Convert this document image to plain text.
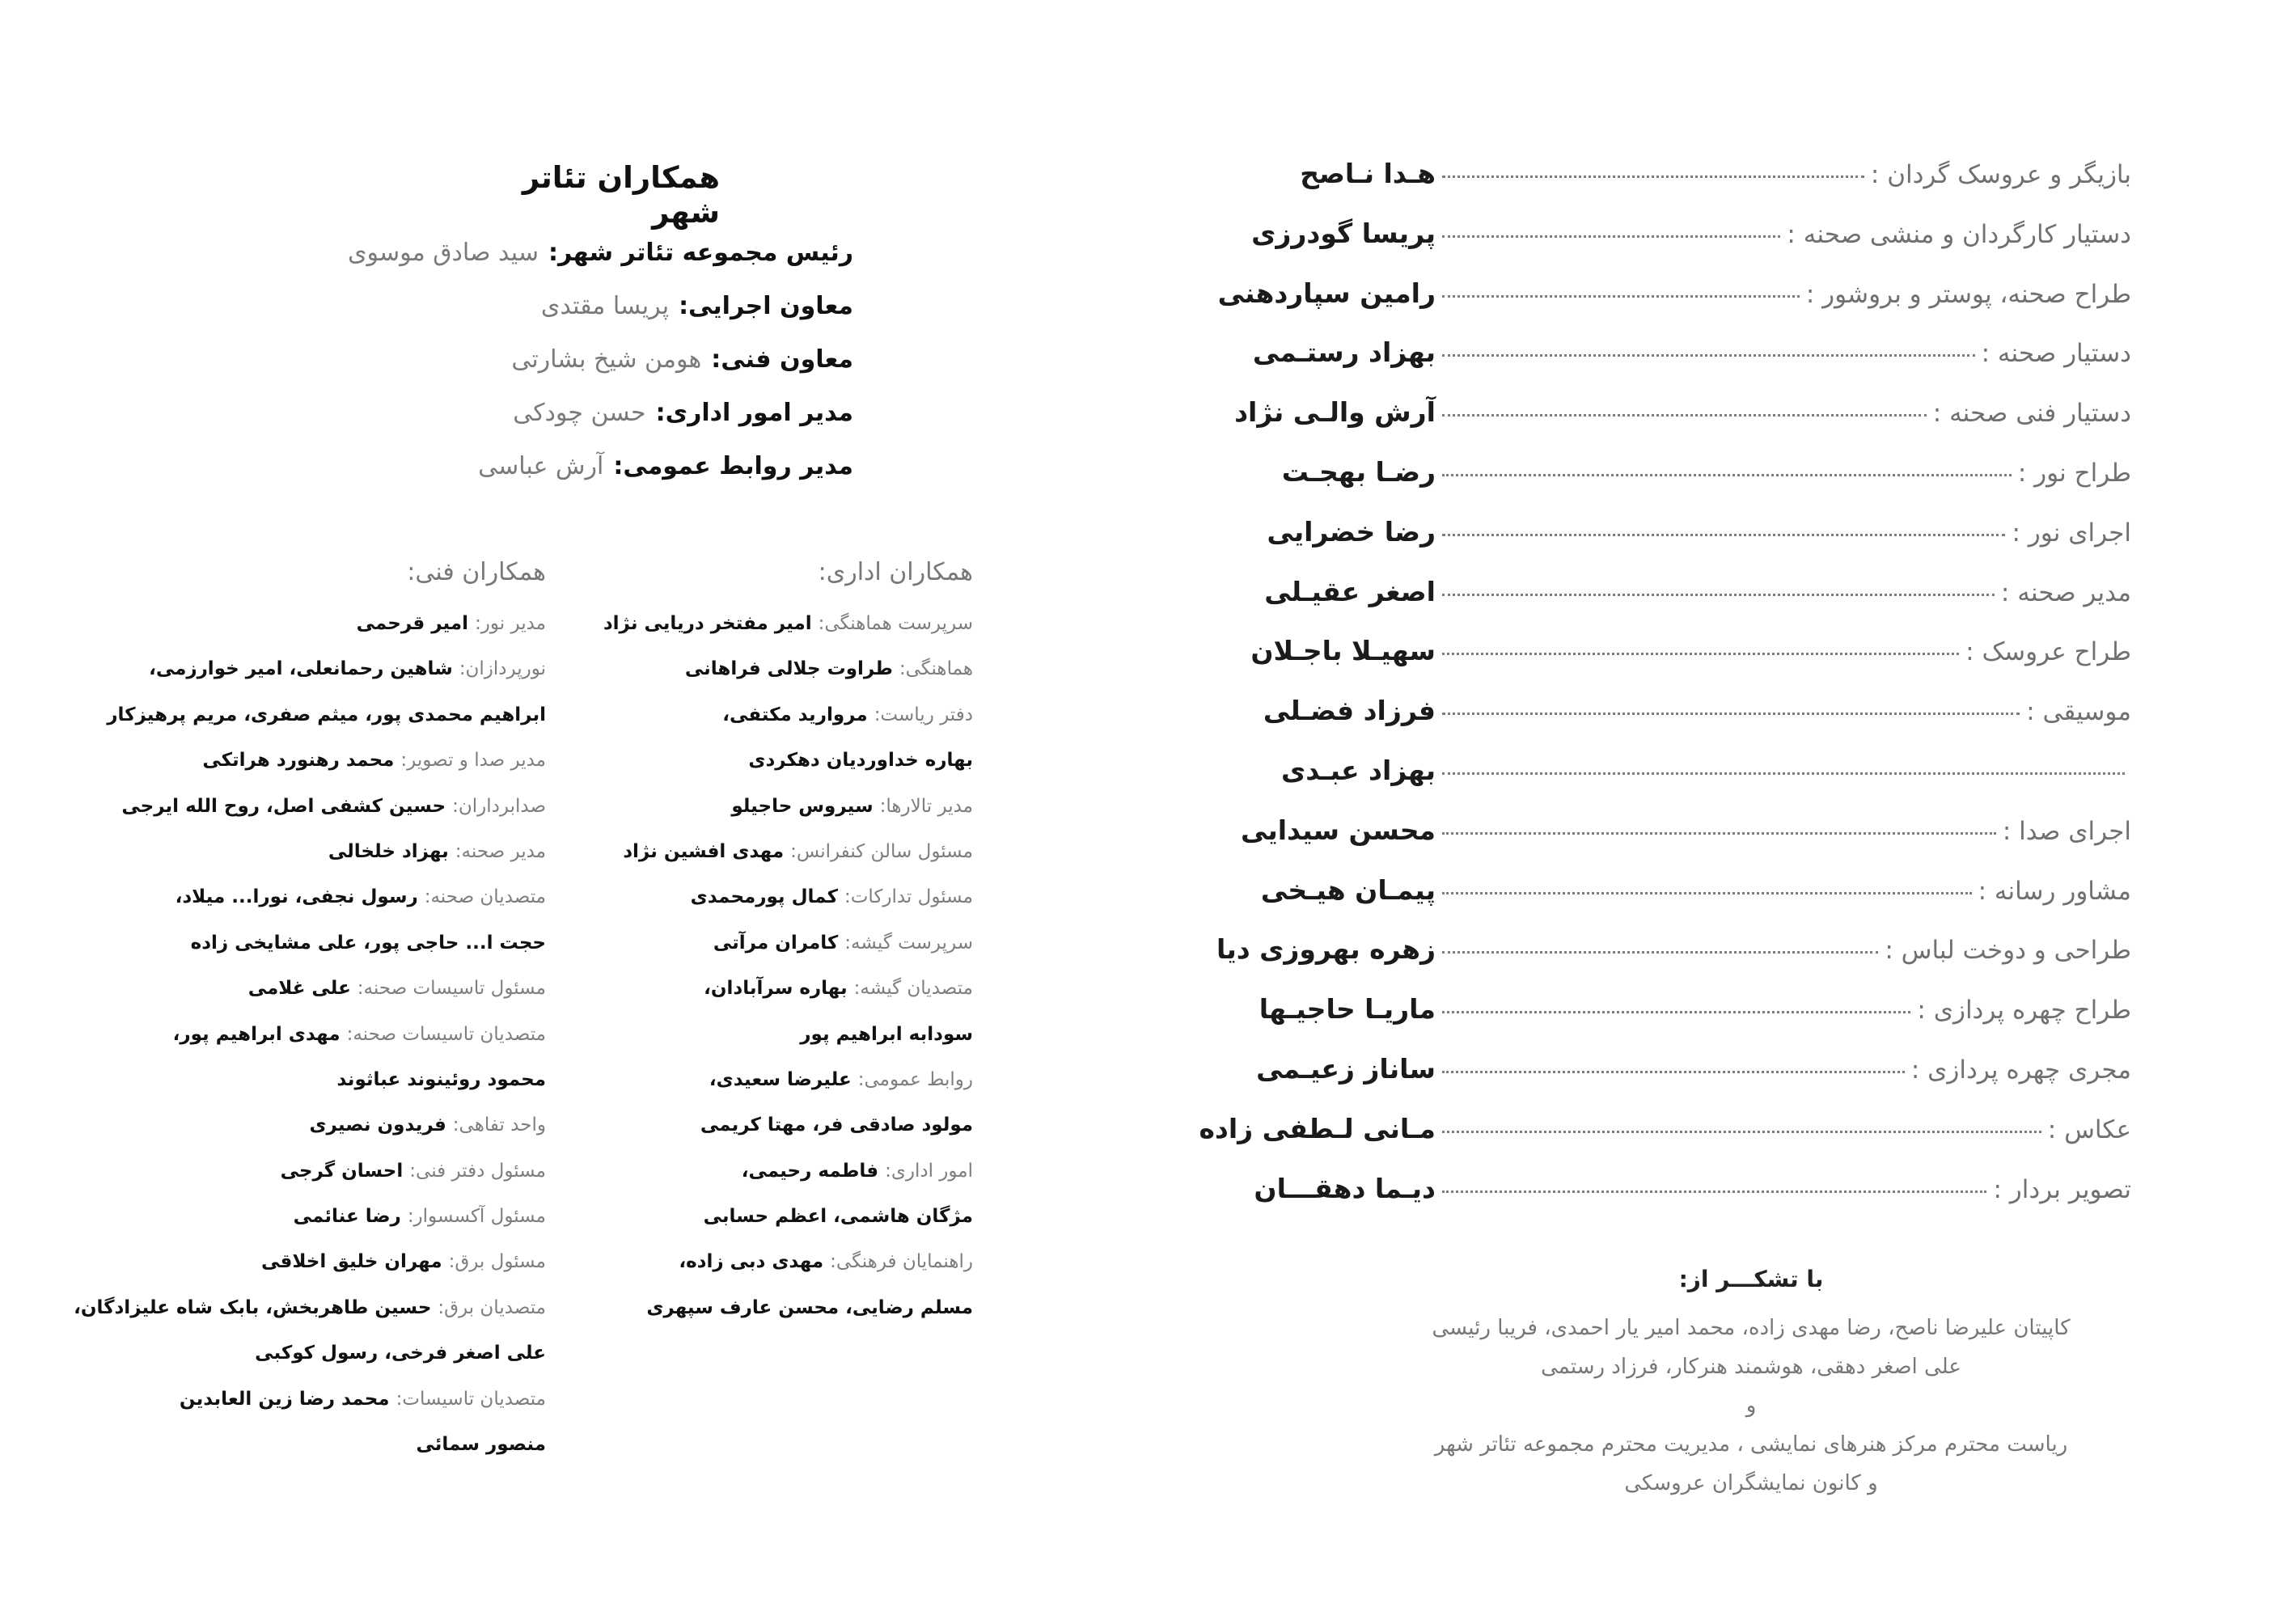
بازیگر و عروسک گردان :
هـدا نـاصح
دستیار کارگردان و منشی صحنه :
پریسا گودرزی
طراح صحنه، پوستر و بروشور :
رامین سپاردهنی
دستیار صحنه :
بهزاد رستـمی
دستیار فنی صحنه :
آرش والـی نژاد
طراح نور :
رضـا بهجـت
اجرای نور :
رضا خضرایی
مدیر صحنه :
اصغر عقیـلی
طراح عروسک :
سهیـلا باجـلان
موسیقی :
فرزاد فضـلی
بهزاد عبـدی
اجرای صدا :
محسن سیدایی
مشاور رسانه :
پیمـان هیـخی
طراحی و دوخت لباس :
زهره بهروزی دیا
طراح چهره پردازی :
ماریـا حاجیـها
مجری چهره پردازی :
ساناز زعیـمی
عکاس :
مـانی لـطفی زاده
تصویر بردار :
دیـما دهقـــان
با تشکـــر از:
کاپیتان علیرضا ناصح، رضا مهدی زاده، محمد امیر یار احمدی، فریبا رئیسی
علی اصغر دهقی، هوشمند هنرکار، فرزاد رستمی
و
ریاست محترم مرکز هنرهای نمایشی ، مدیریت محترم مجموعه تئاتر شهر
و کانون نمایشگران عروسکی
همکاران تئاتر شهر
رئیس مجموعه تئاتر شهر:سید صادق موسوی
معاون اجرایی:پریسا مقتدی
معاون فنی:هومن شیخ بشارتی
مدیر امور اداری:حسن چودکی
مدیر روابط عمومی:آرش عباسی
همکاران اداری:
همکاران فنی:
سرپرست هماهنگی: امیر مفتخر دریایی نژاد
هماهنگی: طراوت جلالی فراهانی
دفتر ریاست: مروارید مکتفی،
بهاره خداوردیان دهکردی
مدیر تالارها: سیروس حاجیلو
مسئول سالن کنفرانس: مهدی افشین نژاد
مسئول تدارکات: کمال پورمحمدی
سرپرست گیشه: کامران مرآتی
متصدیان گیشه: بهاره سرآبادان،
سودابه ابراهیم پور
روابط عمومی: علیرضا سعیدی،
مولود صادقی فر، مهتا کریمی
امور اداری: فاطمه رحیمی،
مژگان هاشمی، اعظم حسابی
راهنمایان فرهنگی: مهدی دبی زاده،
مسلم رضایی، محسن عارف سپهری
مدیر نور: امیر قرحمی
نورپردازان: شاهین رحمانعلی، امیر خوارزمی،
ابراهیم محمدی پور، میثم صفری، مریم پرهیزکار
مدیر صدا و تصویر: محمد رهنورد هراتکی
صدابرداران: حسین کشفی اصل، روح الله ایرجی
مدیر صحنه: بهزاد خلخالی
متصدیان صحنه: رسول نجفی، نورا... میلاد،
حجت ا... حاجی پور، علی مشایخی زاده
مسئول تاسیسات صحنه: علی غلامی
متصدیان تاسیسات صحنه: مهدی ابراهیم پور،
محمود روئینوند عباثوند
واحد تفاهی: فریدون نصیری
مسئول دفتر فنی: احسان گرجی
مسئول آکسسوار: رضا عنائمی
مسئول برق: مهران خلیق اخلاقی
متصدیان برق: حسین طاهربخش، بابک شاه علیزادگان،
علی اصغر فرخی، رسول کوکبی
متصدیان تاسیسات: محمد رضا زین العابدین
منصور سمائی
